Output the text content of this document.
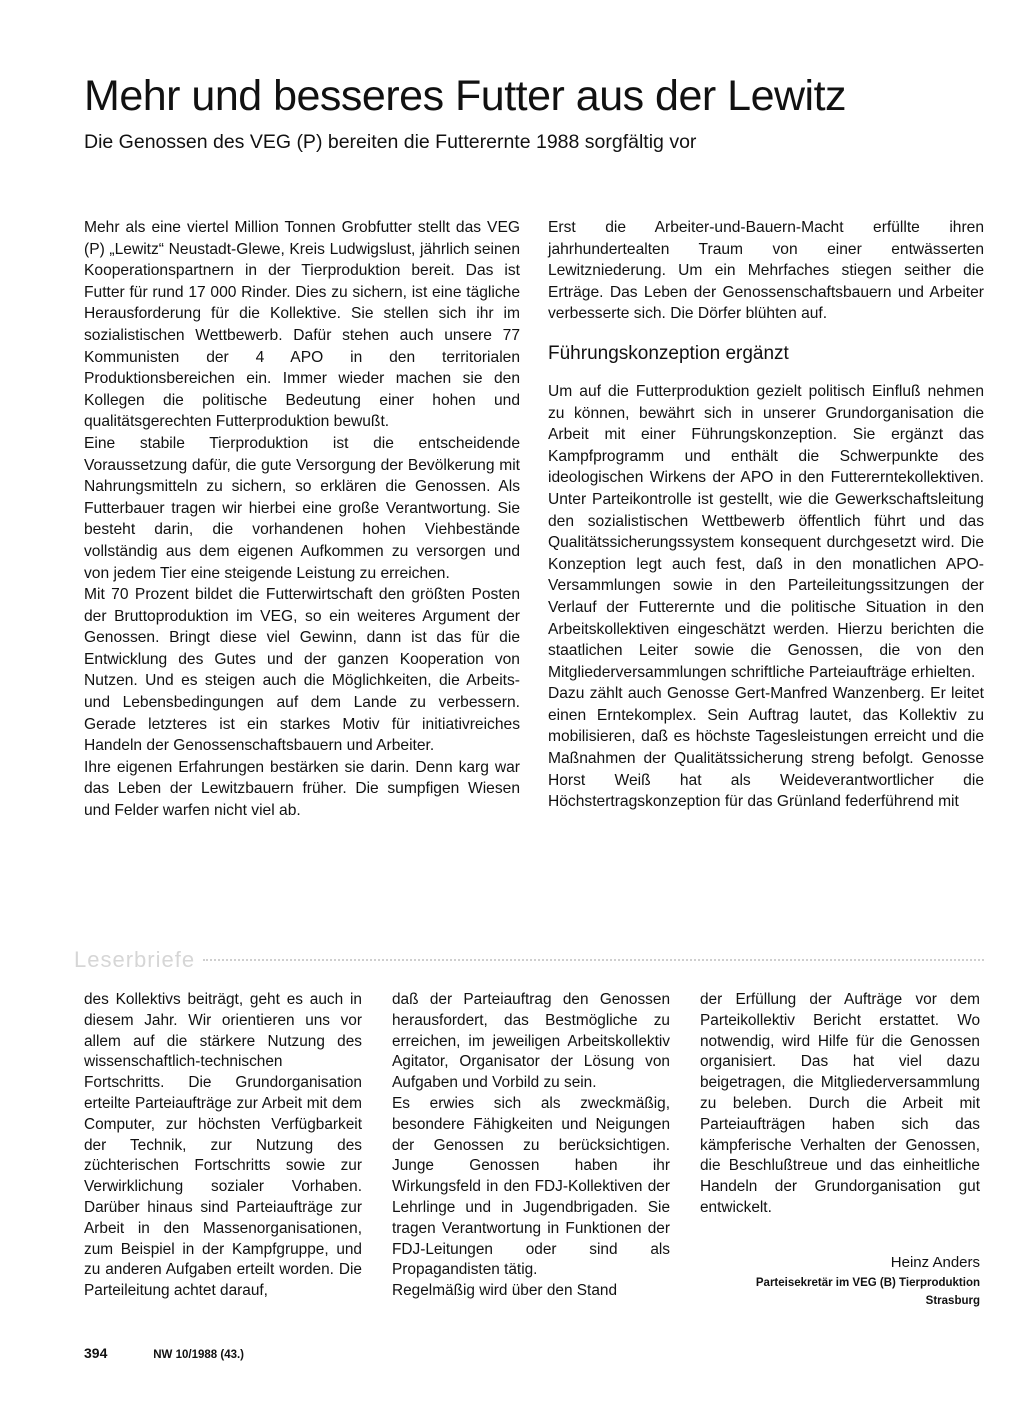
Mehr und besseres Futter aus der Lewitz
Die Genossen des VEG (P) bereiten die Futterernte 1988 sorgfältig vor

Mehr als eine viertel Million Tonnen Grobfutter stellt das VEG (P) „Lewitz“ Neustadt-Glewe, Kreis Ludwigslust, jährlich seinen Kooperationspartnern in der Tierproduktion bereit. Das ist Futter für rund 17 000 Rinder. Dies zu sichern, ist eine tägliche Herausforderung für die Kollektive. Sie stellen sich ihr im sozialistischen Wettbewerb. Dafür stehen auch unsere 77 Kommunisten der 4 APO in den territorialen Produktionsbereichen ein. Immer wieder machen sie den Kollegen die politische Bedeutung einer hohen und qualitätsgerechten Futterproduktion bewußt.

Eine stabile Tierproduktion ist die entscheidende Voraussetzung dafür, die gute Versorgung der Bevölkerung mit Nahrungsmitteln zu sichern, so erklären die Genossen. Als Futterbauer tragen wir hierbei eine große Verantwortung. Sie besteht darin, die vorhandenen hohen Viehbestände vollständig aus dem eigenen Aufkommen zu versorgen und von jedem Tier eine steigende Leistung zu erreichen.

Mit 70 Prozent bildet die Futterwirtschaft den größten Posten der Bruttoproduktion im VEG, so ein weiteres Argument der Genossen. Bringt diese viel Gewinn, dann ist das für die Entwicklung des Gutes und der ganzen Kooperation von Nutzen. Und es steigen auch die Möglichkeiten, die Arbeits- und Lebensbedingungen auf dem Lande zu verbessern. Gerade letzteres ist ein starkes Motiv für initiativreiches Handeln der Genossenschaftsbauern und Arbeiter.

Ihre eigenen Erfahrungen bestärken sie darin. Denn karg war das Leben der Lewitzbauern früher. Die sumpfigen Wiesen und Felder warfen nicht viel ab.

Erst die Arbeiter-und-Bauern-Macht erfüllte ihren jahrhundertealten Traum von einer entwässerten Lewitzniederung. Um ein Mehrfaches stiegen seither die Erträge. Das Leben der Genossenschaftsbauern und Arbeiter verbesserte sich. Die Dörfer blühten auf.

Führungskonzeption ergänzt

Um auf die Futterproduktion gezielt politisch Einfluß nehmen zu können, bewährt sich in unserer Grundorganisation die Arbeit mit einer Führungskonzeption. Sie ergänzt das Kampfprogramm und enthält die Schwerpunkte des ideologischen Wirkens der APO in den Futtererntekollektiven. Unter Parteikontrolle ist gestellt, wie die Gewerkschaftsleitung den sozialistischen Wettbewerb öffentlich führt und das Qualitätssicherungssystem konsequent durchgesetzt wird. Die Konzeption legt auch fest, daß in den monatlichen APO-Versammlungen sowie in den Parteileitungssitzungen der Verlauf der Futterernte und die politische Situation in den Arbeitskollektiven eingeschätzt werden. Hierzu berichten die staatlichen Leiter sowie die Genossen, die von den Mitgliederversammlungen schriftliche Parteiaufträge erhielten.

Dazu zählt auch Genosse Gert-Manfred Wanzenberg. Er leitet einen Erntekomplex. Sein Auftrag lautet, das Kollektiv zu mobilisieren, daß es höchste Tagesleistungen erreicht und die Maßnahmen der Qualitätssicherung streng befolgt. Genosse Horst Weiß hat als Weideverantwortlicher die Höchstertragskonzeption für das Grünland federführend mit

Leserbriefe

des Kollektivs beiträgt, geht es auch in diesem Jahr. Wir orientieren uns vor allem auf die stärkere Nutzung des wissenschaftlich-technischen Fortschritts. Die Grundorganisation erteilte Parteiaufträge zur Arbeit mit dem Computer, zur höchsten Verfügbarkeit der Technik, zur Nutzung des züchterischen Fortschritts sowie zur Verwirklichung sozialer Vorhaben. Darüber hinaus sind Parteiaufträge zur Arbeit in den Massenorganisationen, zum Beispiel in der Kampfgruppe, und zu anderen Aufgaben erteilt worden. Die Parteileitung achtet darauf,

daß der Parteiauftrag den Genossen herausfordert, das Bestmögliche zu erreichen, im jeweiligen Arbeitskollektiv Agitator, Organisator der Lösung von Aufgaben und Vorbild zu sein.

Es erwies sich als zweckmäßig, besondere Fähigkeiten und Neigungen der Genossen zu berücksichtigen. Junge Genossen haben ihr Wirkungsfeld in den FDJ-Kollektiven der Lehrlinge und in Jugendbrigaden. Sie tragen Verantwortung in Funktionen der FDJ-Leitungen oder sind als Propagandisten tätig.

Regelmäßig wird über den Stand

der Erfüllung der Aufträge vor dem Parteikollektiv Bericht erstattet. Wo notwendig, wird Hilfe für die Genossen organisiert. Das hat viel dazu beigetragen, die Mitgliederversammlung zu beleben. Durch die Arbeit mit Parteiaufträgen haben sich das kämpferische Verhalten der Genossen, die Beschlußtreue und das einheitliche Handeln der Grundorganisation gut entwickelt.

Heinz Anders
Parteisekretär im VEG (B) Tierproduktion
Strasburg
394	NW 10/1988 (43.)
